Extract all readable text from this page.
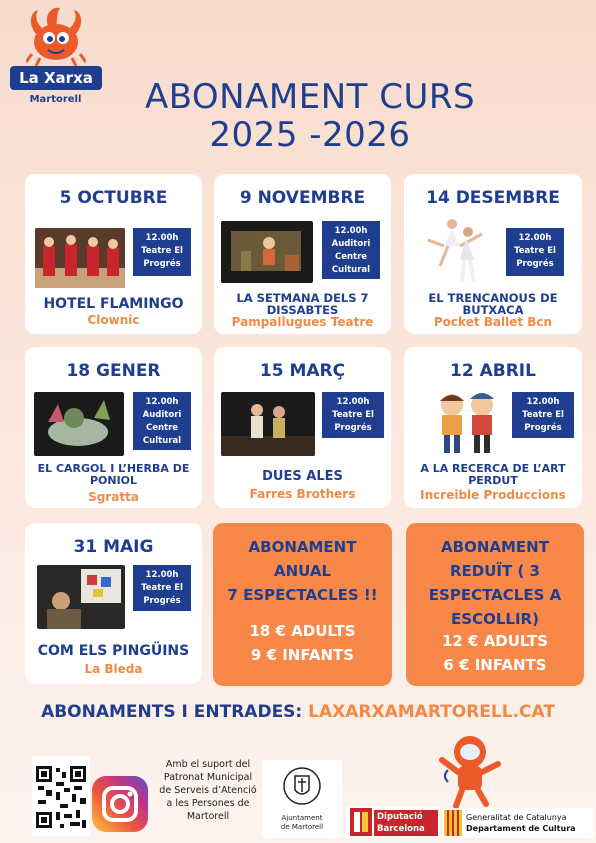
La Xarxa
Martorell	ABONAMENT CURS
2025 -2026
5 OCTUBRE
12.00h
Teatre El
Progrés
HOTEL FLAMINGO
Clownic
9 NOVEMBRE
12.00h
Auditori
Centre
Cultural
LA SETMANA DELS 7
DISSABTES
Pampallugues Teatre
14 DESEMBRE
12.00h
Teatre El
Progrés
EL TRENCANOUS DE
BUTXACA
Pocket Ballet Bcn
18 GENER
12.00h
Auditori
Centre
Cultural
EL CARGOL I L’HERBA DE
PONIOL
Sgratta
15 MARÇ
12.00h
Teatre El
Progrés
DUES ALES
Farres Brothers
12 ABRIL
12.00h
Teatre El
Progrés
A LA RECERCA DE L’ART
PERDUT
Increible Produccions
31 MAIG
12.00h
Teatre El
Progrés
COM ELS PINGÜINS
La Bleda
ABONAMENT
ANUAL
7 ESPECTACLES !!
18 € ADULTS
9 € INFANTS
ABONAMENT
REDUÏT ( 3
ESPECTACLES A
ESCOLLIR)
12 € ADULTS
6 € INFANTS
ABONAMENTS I ENTRADES: LAXARXAMARTORELL.CAT
Amb el suport del
Patronat Municipal
de Serveis d’Atenció
a les Persones de
Martorell	Ajuntament
de Martorell
Diputació
Barcelona
Generalitat de Catalunya
Departament de Cultura
